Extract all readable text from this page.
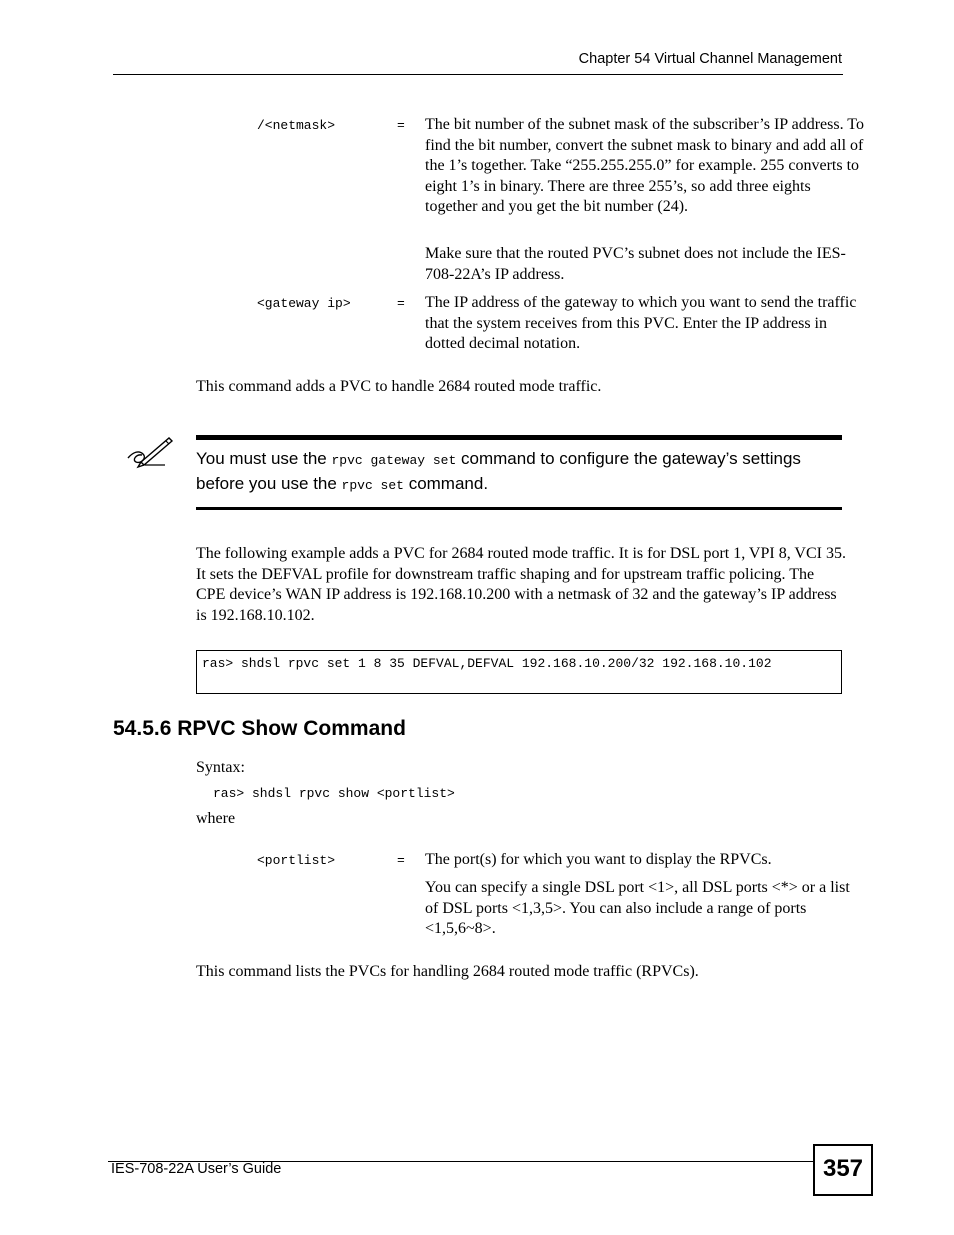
Chapter 54 Virtual Channel Management
/<netmask>	= The bit number of the subnet mask of the subscriber’s IP address. To find the bit number, convert the subnet mask to binary and add all of the 1’s together. Take “255.255.255.0” for example. 255 converts to eight 1’s in binary. There are three 255’s, so add three eights together and you get the bit number (24).
Make sure that the routed PVC’s subnet does not include the IES-708-22A’s IP address.
<gateway ip>	= The IP address of the gateway to which you want to send the traffic that the system receives from this PVC. Enter the IP address in dotted decimal notation.
This command adds a PVC to handle 2684 routed mode traffic.
You must use the rpvc gateway set command to configure the gateway’s settings before you use the rpvc set command.
The following example adds a PVC for 2684 routed mode traffic. It is for DSL port 1, VPI 8, VCI 35. It sets the DEFVAL profile for downstream traffic shaping and for upstream traffic policing. The CPE device’s WAN IP address is 192.168.10.200 with a netmask of 32 and the gateway’s IP address is 192.168.10.102.
ras> shdsl rpvc set 1 8 35 DEFVAL,DEFVAL 192.168.10.200/32 192.168.10.102
54.5.6 RPVC Show Command
Syntax:
ras> shdsl rpvc show <portlist>
where
<portlist>	= The port(s) for which you want to display the RPVCs.
You can specify a single DSL port <1>, all DSL ports <*> or a list of DSL ports <1,3,5>. You can also include a range of ports <1,5,6~8>.
This command lists the PVCs for handling 2684 routed mode traffic (RPVCs).
IES-708-22A User’s Guide	357
